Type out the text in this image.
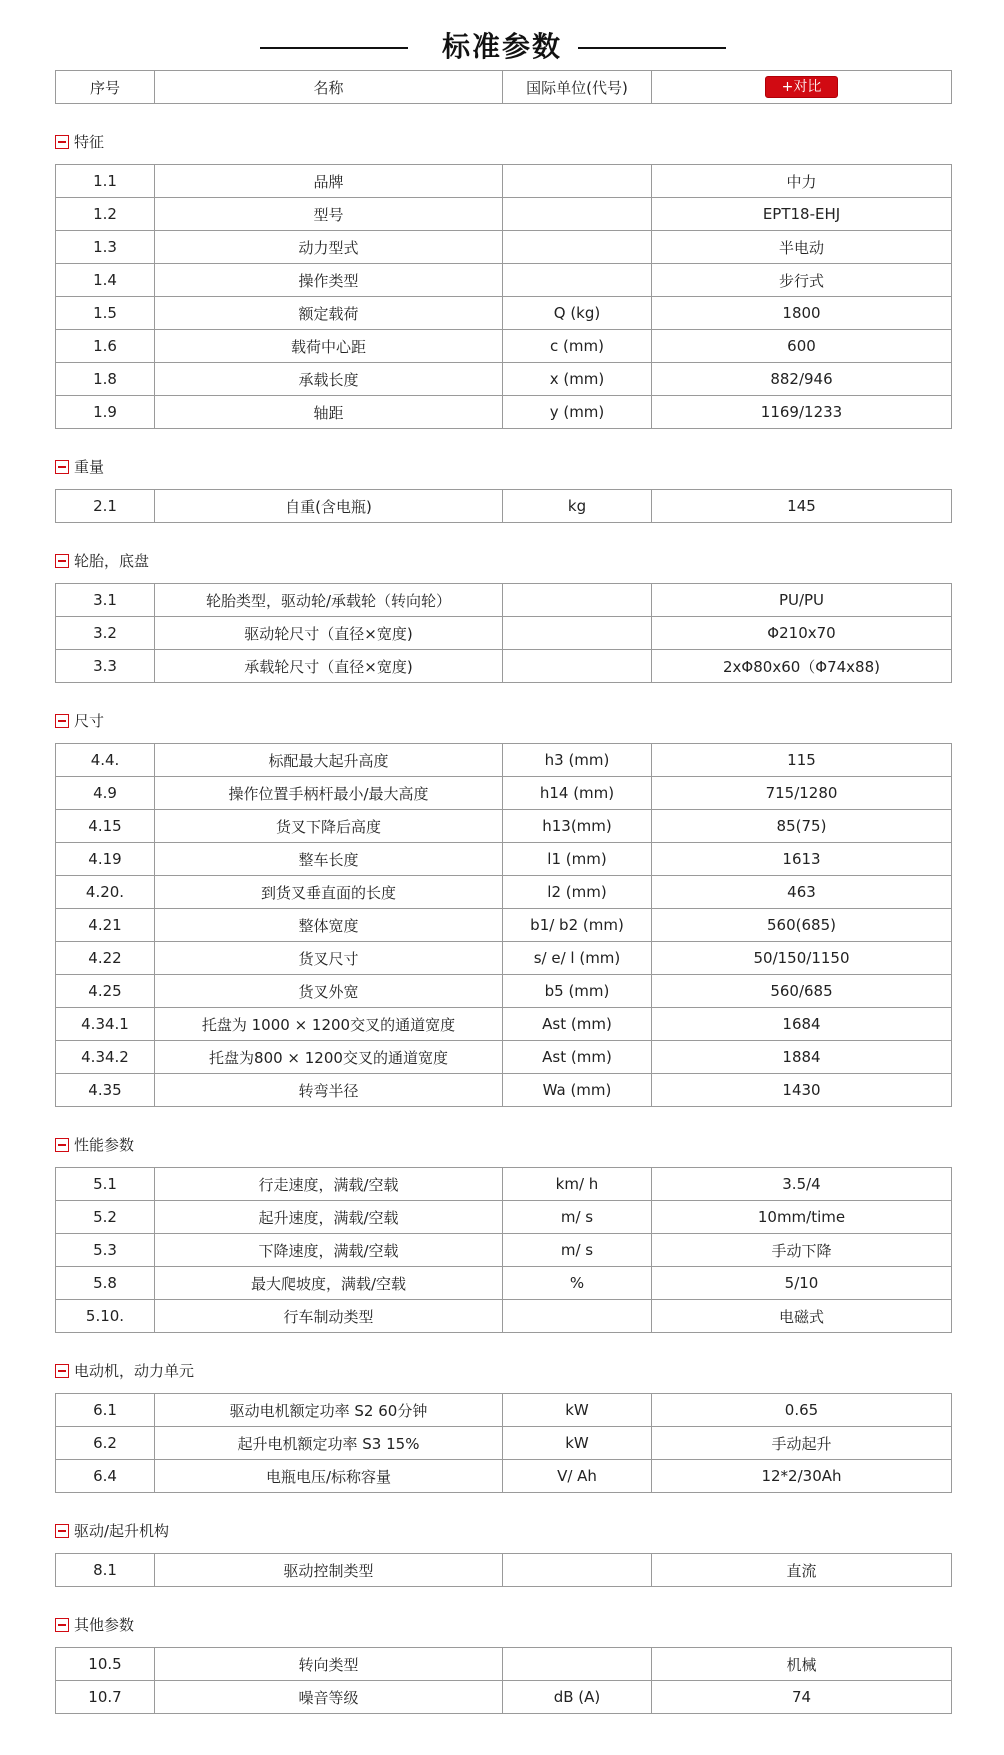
标准参数
序号	名称	国际单位(代号)	+对比
特征
1.1	品牌		中力
1.2	型号		EPT18-EHJ
1.3	动力型式		半电动
1.4	操作类型		步行式
1.5	额定载荷	Q (kg)	1800
1.6	载荷中心距	c (mm)	600
1.8	承载长度	x (mm)	882/946
1.9	轴距	y (mm)	1169/1233
重量
2.1	自重(含电瓶)	kg	145
轮胎，底盘
3.1	轮胎类型，驱动轮/承载轮（转向轮）		PU/PU
3.2	驱动轮尺寸（直径×宽度)		Φ210x70
3.3	承载轮尺寸（直径×宽度)		2xΦ80x60（Φ74x88)
尺寸
4.4.	标配最大起升高度	h3 (mm)	115
4.9	操作位置手柄杆最小/最大高度	h14 (mm)	715/1280
4.15	货叉下降后高度	h13(mm)	85(75)
4.19	整车长度	l1 (mm)	1613
4.20.	到货叉垂直面的长度	l2 (mm)	463
4.21	整体宽度	b1/ b2 (mm)	560(685)
4.22	货叉尺寸	s/ e/ l (mm)	50/150/1150
4.25	货叉外宽	b5 (mm)	560/685
4.34.1	托盘为 1000 × 1200交叉的通道宽度	Ast (mm)	1684
4.34.2	托盘为800 × 1200交叉的通道宽度	Ast (mm)	1884
4.35	转弯半径	Wa (mm)	1430
性能参数
5.1	行走速度，满载/空载	km/ h	3.5/4
5.2	起升速度，满载/空载	m/ s	10mm/time
5.3	下降速度，满载/空载	m/ s	手动下降
5.8	最大爬坡度，满载/空载	%	5/10
5.10.	行车制动类型		电磁式
电动机，动力单元
6.1	驱动电机额定功率 S2 60分钟	kW	0.65
6.2	起升电机额定功率 S3 15%	kW	手动起升
6.4	电瓶电压/标称容量	V/ Ah	12*2/30Ah
驱动/起升机构
8.1	驱动控制类型		直流
其他参数
10.5	转向类型		机械
10.7	噪音等级	dB (A)	74
